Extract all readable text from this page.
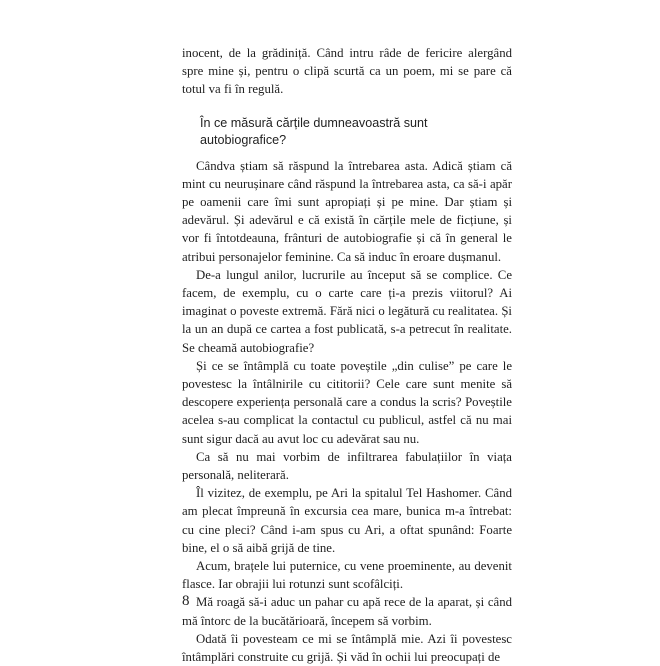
inocent, de la grădiniță. Când intru râde de fericire alergând spre mine și, pentru o clipă scurtă ca un poem, mi se pare că totul va fi în regulă.

În ce măsură cărțile dumneavoastră sunt autobiografice?

Cândva știam să răspund la întrebarea asta. Adică știam că mint cu neurușinare când răspund la întrebarea asta, ca să-i apăr pe oamenii care îmi sunt apropiați și pe mine. Dar știam și adevărul. Și adevărul e că există în cărțile mele de ficțiune, și vor fi întotdeauna, frânturi de autobiografie și că în general le atribui personajelor feminine. Ca să induc în eroare dușmanul.

De-a lungul anilor, lucrurile au început să se complice. Ce facem, de exemplu, cu o carte care ți-a prezis viitorul? Ai imaginat o poveste extremă. Fără nici o legătură cu realitatea. Și la un an după ce cartea a fost publicată, s-a petrecut în realitate. Se cheamă autobiografie?

Și ce se întâmplă cu toate poveștile „din culise” pe care le povestesc la întâlnirile cu cititorii? Cele care sunt menite să descopere experiența personală care a condus la scris? Poveștile acelea s-au complicat la contactul cu publicul, astfel că nu mai sunt sigur dacă au avut loc cu adevărat sau nu.

Ca să nu mai vorbim de infiltrarea fabulațiilor în viața personală, neliterară.

Îl vizitez, de exemplu, pe Ari la spitalul Tel Hashomer. Când am plecat împreună în excursia cea mare, bunica m-a întrebat: cu cine pleci? Când i-am spus cu Ari, a oftat spunând: Foarte bine, el o să aibă grijă de tine.

Acum, brațele lui puternice, cu vene proeminente, au devenit flasce. Iar obrajii lui rotunzi sunt scofâlciți.

Mă roagă să-i aduc un pahar cu apă rece de la aparat, și când mă întorc de la bucătărioară, începem să vorbim.

Odată îi povesteam ce mi se întâmplă mie. Azi îi povestesc întâmplări construite cu grijă. Și văd în ochii lui preocupați de

8
